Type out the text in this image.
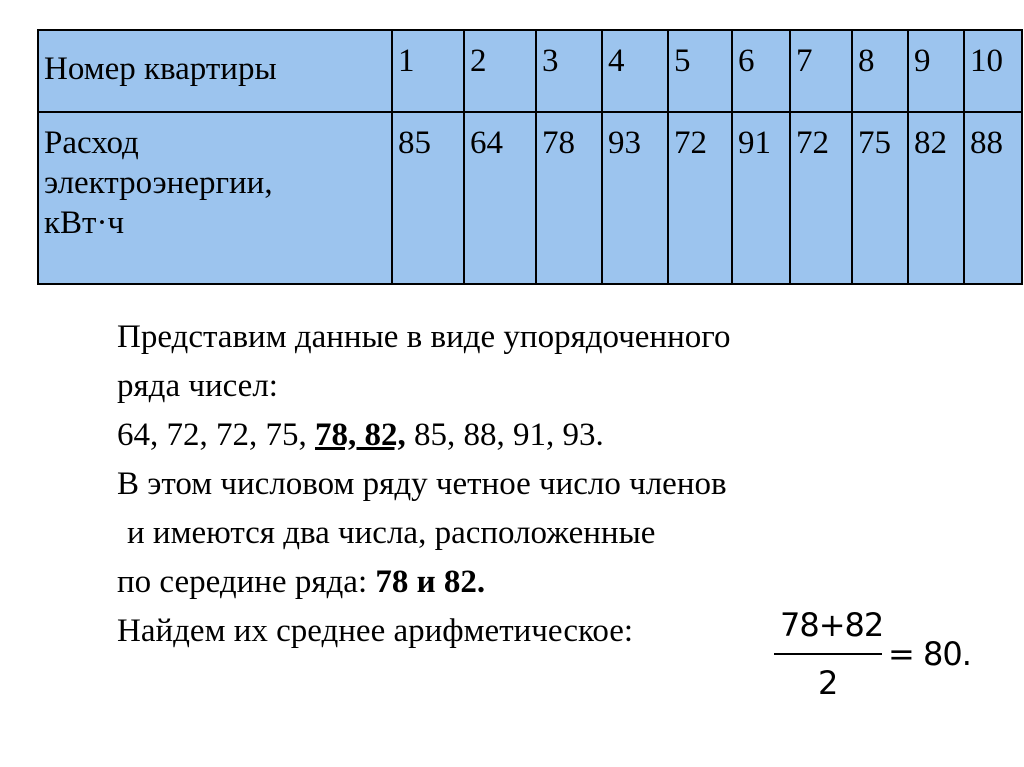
Номер квартиры	1	2	3	4	5	6	7	8	9	10

Расход
электроэнергии,
кВт·ч	85	64	78	93	72	91	72	75	82	88
Представим данные в виде упорядоченного
ряда чисел:
64, 72, 72, 75, 78, 82, 85, 88, 91, 93.
В этом числовом ряду четное число членов
и имеются два числа, расположенные
по середине ряда: 78 и 82.
Найдем их среднее арифметическое:	78+82
2
= 80.
